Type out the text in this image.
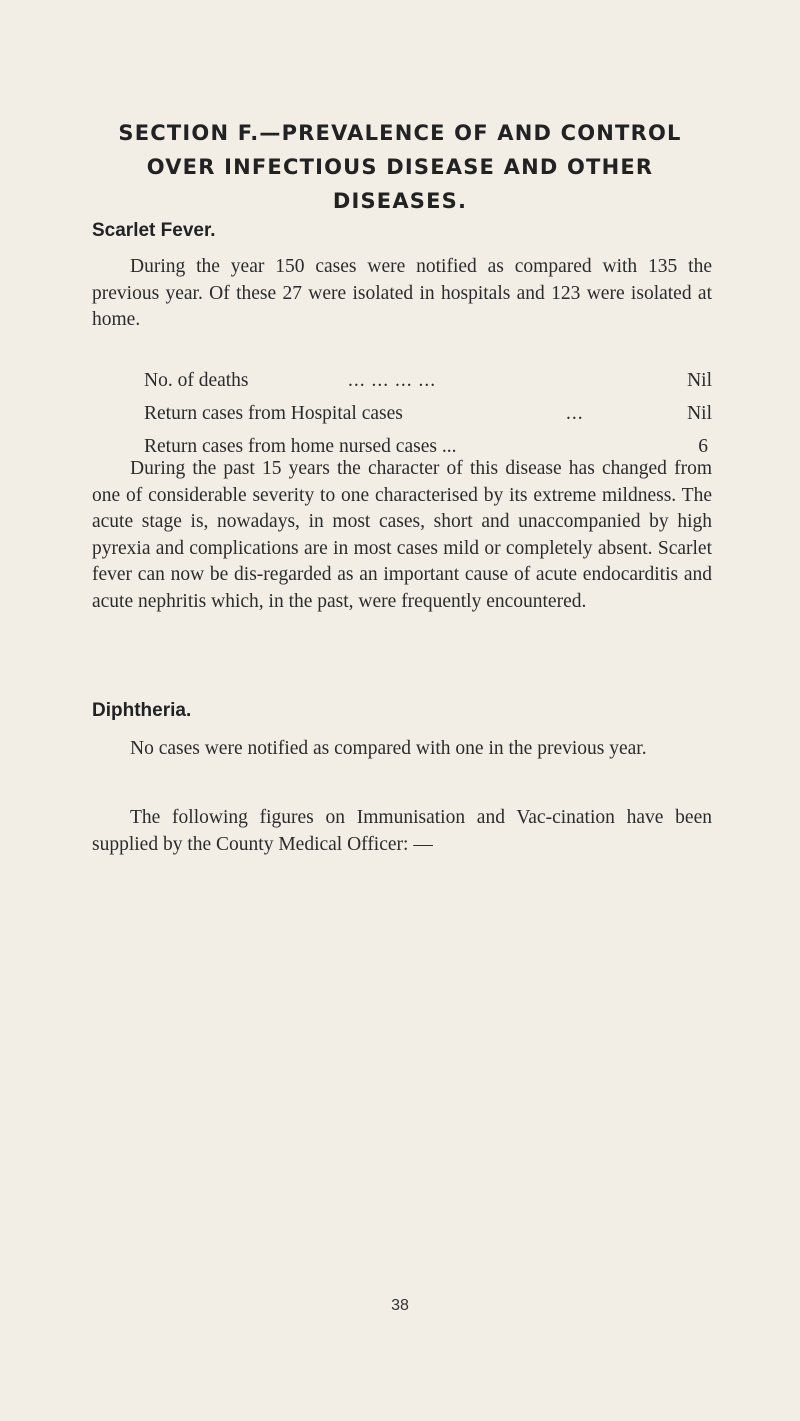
SECTION F.—PREVALENCE OF AND CONTROL OVER INFECTIOUS DISEASE AND OTHER DISEASES.
Scarlet Fever.

During the year 150 cases were notified as compared with 135 the previous year. Of these 27 were isolated in hospitals and 123 were isolated at home.

No. of deaths	... ... ... ...	Nil
Return cases from Hospital cases	...	Nil
Return cases from home nursed cases ...	6

During the past 15 years the character of this disease has changed from one of considerable severity to one characterised by its extreme mildness. The acute stage is, nowadays, in most cases, short and unaccompanied by high pyrexia and complications are in most cases mild or completely absent. Scarlet fever can now be dis-regarded as an important cause of acute endocarditis and acute nephritis which, in the past, were frequently encountered.

Diphtheria.

No cases were notified as compared with one in the previous year.

The following figures on Immunisation and Vac-cination have been supplied by the County Medical Officer: —

38
